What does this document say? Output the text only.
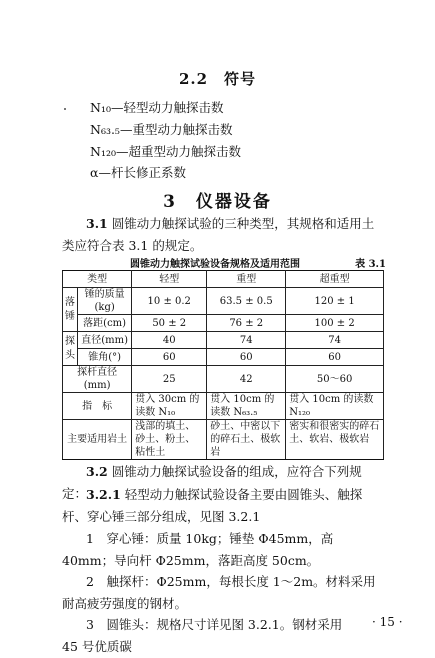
2.2　符号
N₁₀—轻型动力触探击数
N₆₃.₅—重型动力触探击数
N₁₂₀—超重型动力触探击数
α—杆长修正系数
3　仪器设备
3.1 圆锥动力触探试验的三种类型，其规格和适用土类应符合表 3.1 的规定。
圆锥动力触探试验设备规格及适用范围	表 3.1
类型		轻型	重型	超重型
落
锤	锤的质量(kg)	10 ± 0.2	63.5 ± 0.5	120 ± 1
	落距(cm)	50 ± 2	76 ± 2	100 ± 2
探
头	直径(mm)	40	74	74
	锥角(°)	60	60	60
探杆直径(mm)		25	42	50～60
指　标		贯入 30cm 的读数 N₁₀	贯入 10cm 的读数 N₆₃.₅	贯入 10cm 的读数 N₁₂₀
主要适用岩土		浅部的填土、砂土、粉土、粘性土	砂土、中密以下的碎石土、极软岩	密实和很密实的碎石土、软岩、极软岩
3.2 圆锥动力触探试验设备的组成，应符合下列规定：
3.2.1 轻型动力触探试验设备主要由圆锥头、触探杆、穿心锤三部分组成，见图 3.2.1
1　穿心锤：质量 10kg；锤垫 Φ45mm，高 40mm；导向杆 Φ25mm，落距高度 50cm。
2　触探杆：Φ25mm，每根长度 1～2m。材料采用耐高疲劳强度的钢材。
3　圆锥头：规格尺寸详见图 3.2.1。钢材采用 45 号优质碳
· 15 ·
